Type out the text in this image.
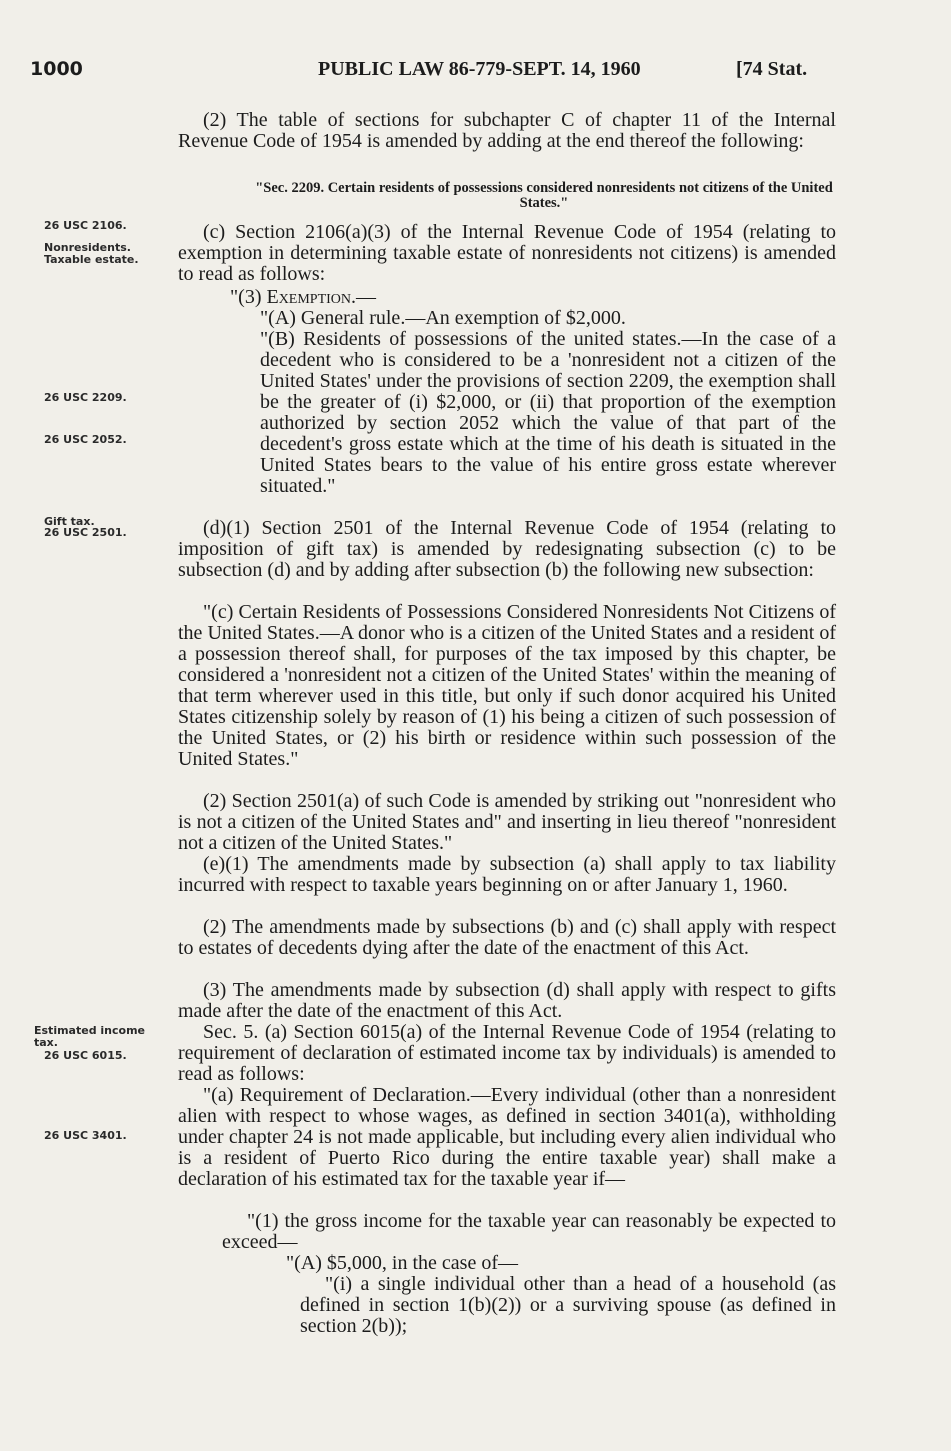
1000	PUBLIC LAW 86-779-SEPT. 14, 1960	[74 Stat.
26 USC 2106.
Nonresidents.
Taxable estate.
26 USC 2209.
26 USC 2052.
Gift tax.
26 USC 2501.
Estimated income tax.
26 USC 6015.
26 USC 3401.

(2) The table of sections for subchapter C of chapter 11 of the Internal Revenue Code of 1954 is amended by adding at the end thereof the following:

"Sec. 2209. Certain residents of possessions considered nonresidents not citizens of the United States."

(c) Section 2106(a)(3) of the Internal Revenue Code of 1954 (relating to exemption in determining taxable estate of nonresidents not citizens) is amended to read as follows:

"(3) Exemption.—

"(A) General rule.—An exemption of $2,000.

"(B) Residents of possessions of the united states.—In the case of a decedent who is considered to be a 'nonresident not a citizen of the United States' under the provisions of section 2209, the exemption shall be the greater of (i) $2,000, or (ii) that proportion of the exemption authorized by section 2052 which the value of that part of the decedent's gross estate which at the time of his death is situated in the United States bears to the value of his entire gross estate wherever situated."

(d)(1) Section 2501 of the Internal Revenue Code of 1954 (relating to imposition of gift tax) is amended by redesignating subsection (c) to be subsection (d) and by adding after subsection (b) the following new subsection:

"(c) Certain Residents of Possessions Considered Nonresidents Not Citizens of the United States.—A donor who is a citizen of the United States and a resident of a possession thereof shall, for purposes of the tax imposed by this chapter, be considered a 'nonresident not a citizen of the United States' within the meaning of that term wherever used in this title, but only if such donor acquired his United States citizenship solely by reason of (1) his being a citizen of such possession of the United States, or (2) his birth or residence within such possession of the United States."

(2) Section 2501(a) of such Code is amended by striking out "nonresident who is not a citizen of the United States and" and inserting in lieu thereof "nonresident not a citizen of the United States."

(e)(1) The amendments made by subsection (a) shall apply to tax liability incurred with respect to taxable years beginning on or after January 1, 1960.

(2) The amendments made by subsections (b) and (c) shall apply with respect to estates of decedents dying after the date of the enactment of this Act.

(3) The amendments made by subsection (d) shall apply with respect to gifts made after the date of the enactment of this Act.

Sec. 5. (a) Section 6015(a) of the Internal Revenue Code of 1954 (relating to requirement of declaration of estimated income tax by individuals) is amended to read as follows:

"(a) Requirement of Declaration.—Every individual (other than a nonresident alien with respect to whose wages, as defined in section 3401(a), withholding under chapter 24 is not made applicable, but including every alien individual who is a resident of Puerto Rico during the entire taxable year) shall make a declaration of his estimated tax for the taxable year if—

"(1) the gross income for the taxable year can reasonably be expected to exceed—

"(A) $5,000, in the case of—

"(i) a single individual other than a head of a household (as defined in section 1(b)(2)) or a surviving spouse (as defined in section 2(b));
